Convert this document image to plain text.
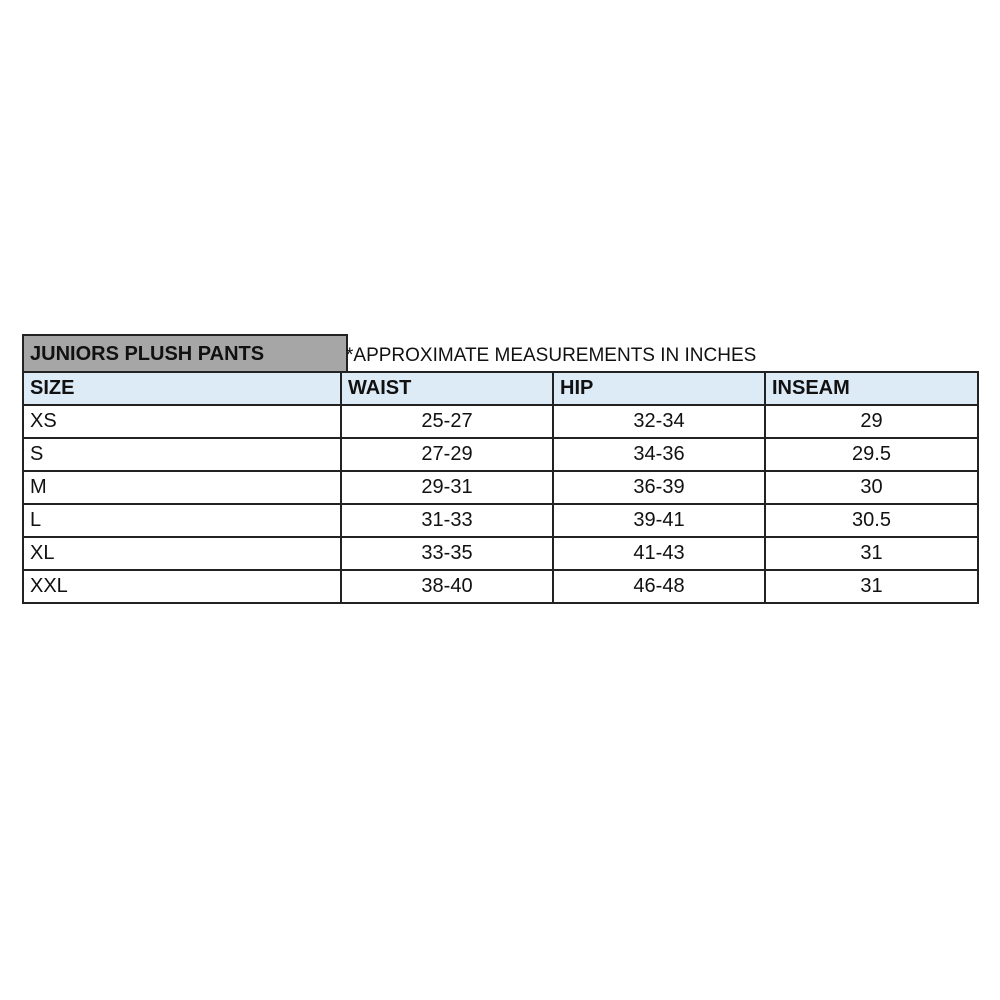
JUNIORS PLUSH PANTS	*APPROXIMATE MEASUREMENTS IN INCHES
SIZE	WAIST	HIP	INSEAM
XS	25-27	32-34	29
S	27-29	34-36	29.5
M	29-31	36-39	30
L	31-33	39-41	30.5
XL	33-35	41-43	31
XXL	38-40	46-48	31
